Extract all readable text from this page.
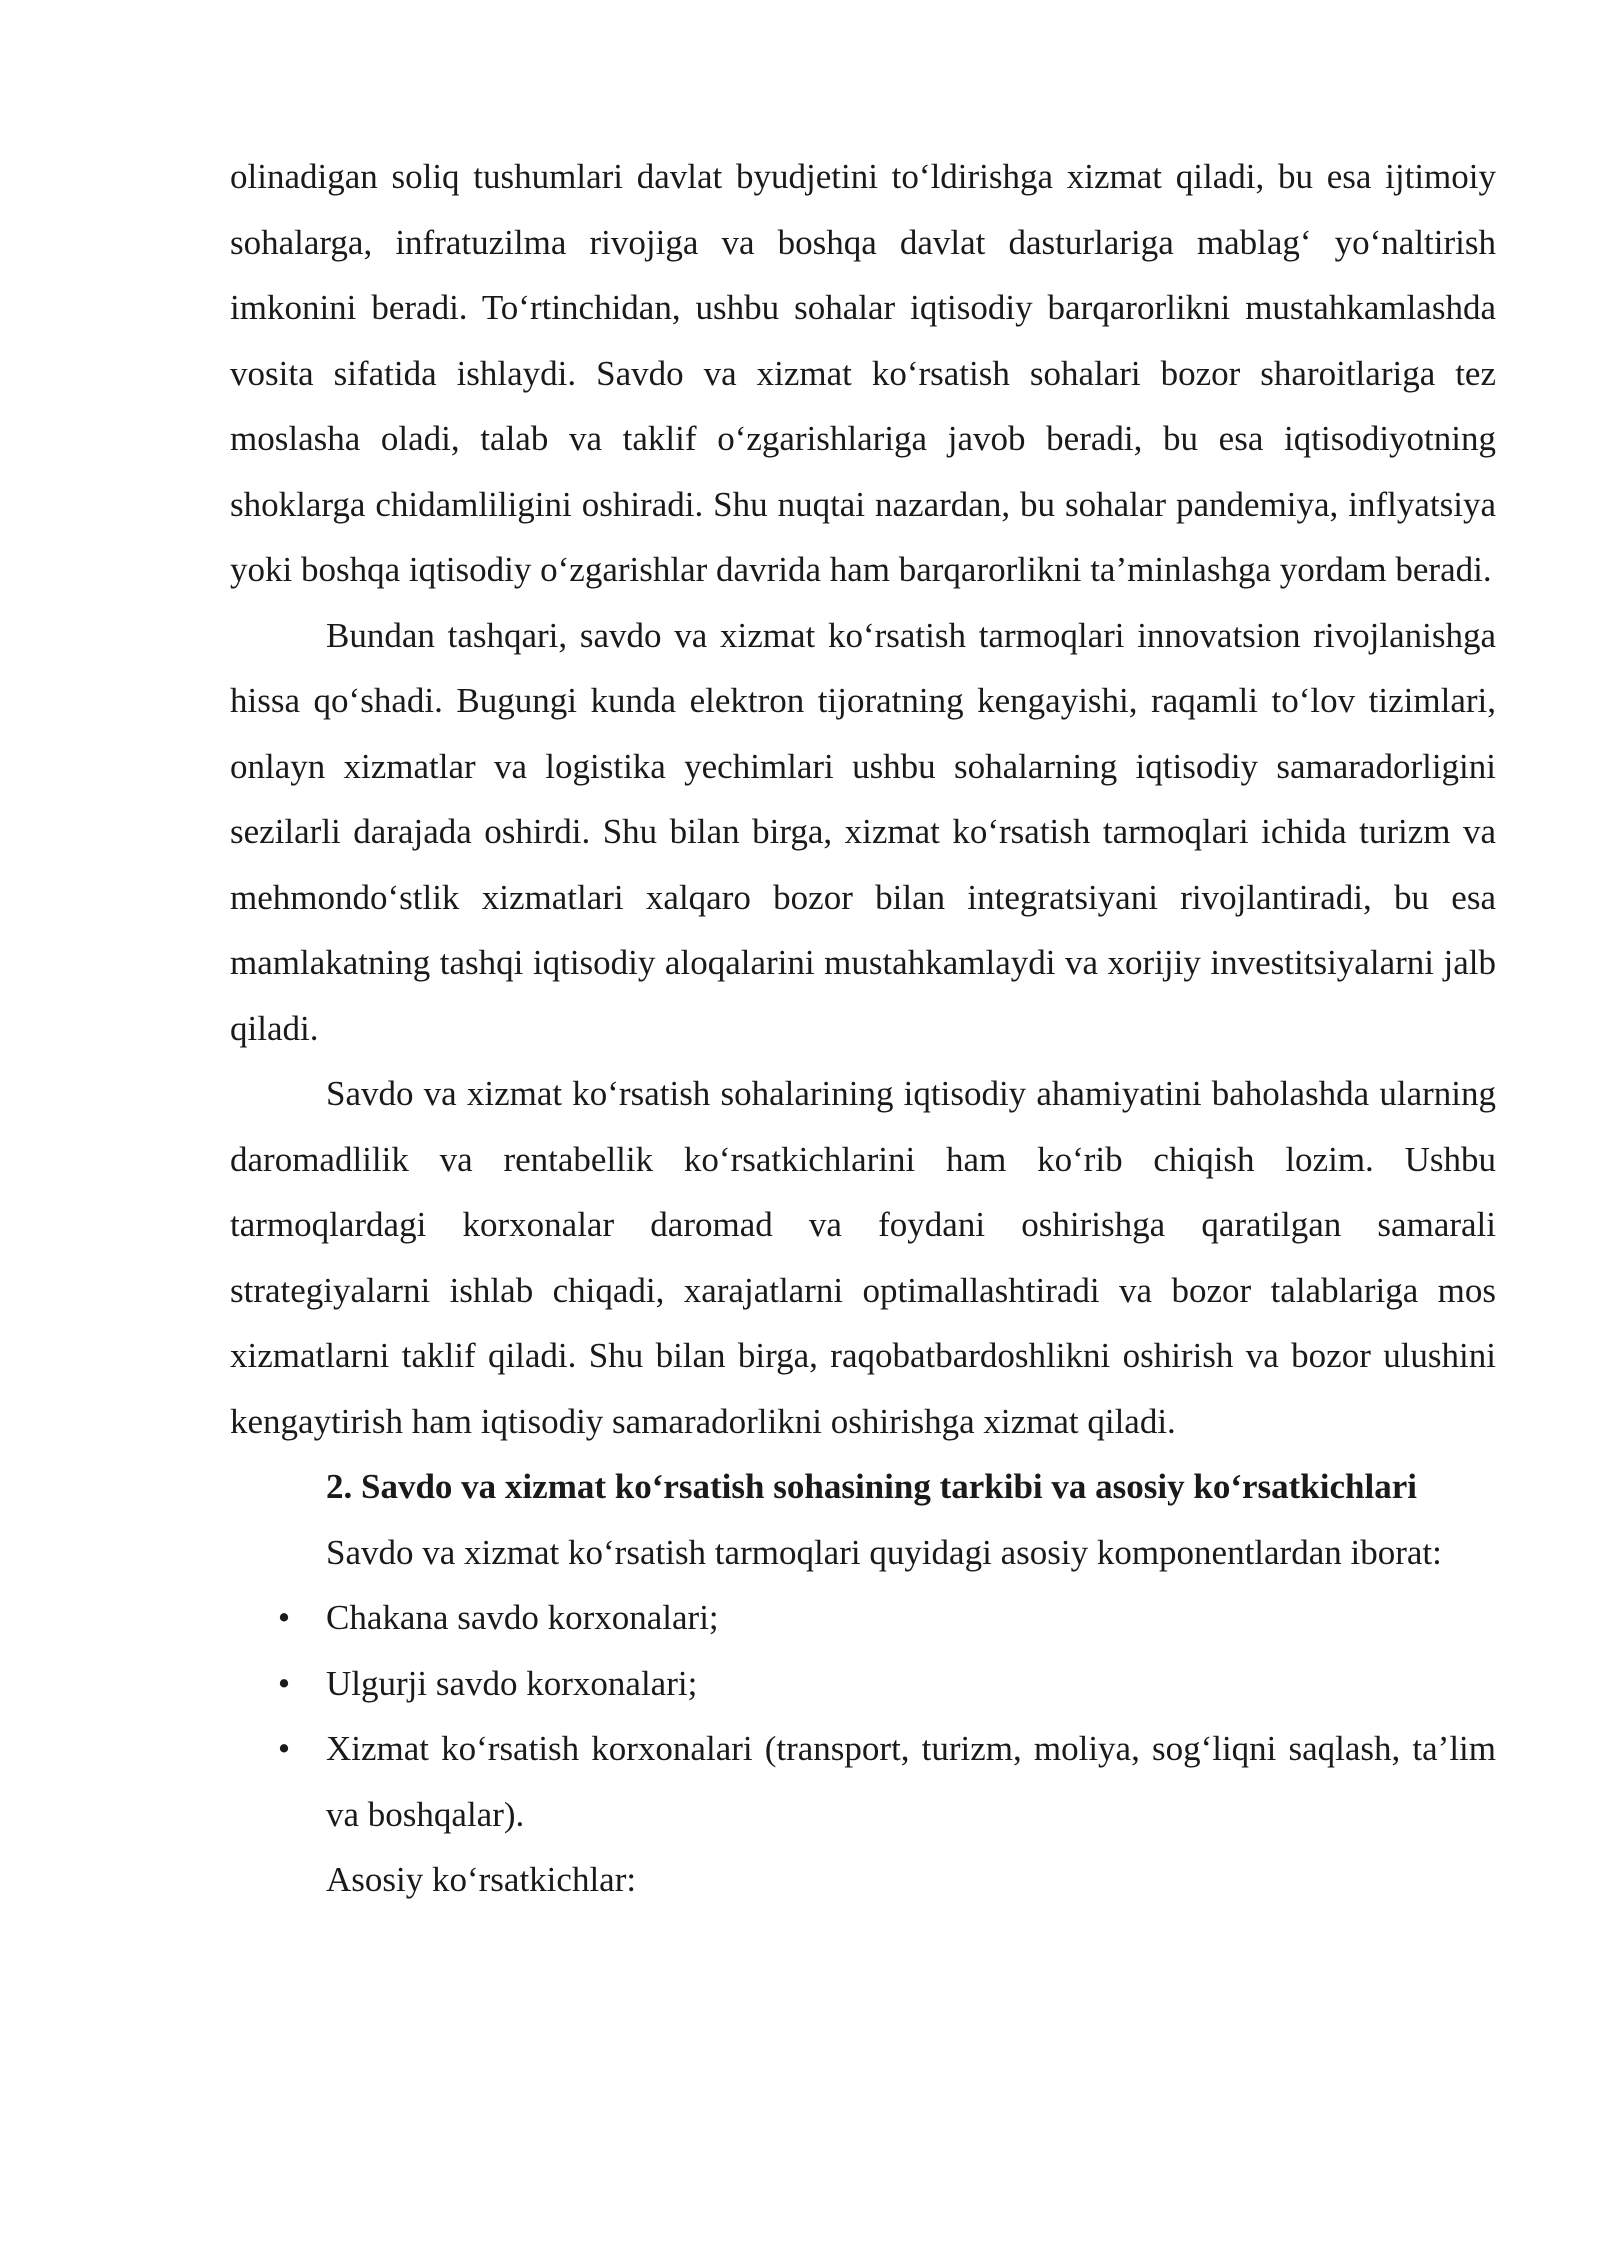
olinadigan soliq tushumlari davlat byudjetini to‘ldirishga xizmat qiladi, bu esa ijtimoiy sohalarga, infratuzilma rivojiga va boshqa davlat dasturlariga mablag‘ yo‘naltirish imkonini beradi. To‘rtinchidan, ushbu sohalar iqtisodiy barqarorlikni mustahkamlashda vosita sifatida ishlaydi. Savdo va xizmat ko‘rsatish sohalari bozor sharoitlariga tez moslasha oladi, talab va taklif o‘zgarishlariga javob beradi, bu esa iqtisodiyotning shoklarga chidamliligini oshiradi. Shu nuqtai nazardan, bu sohalar pandemiya, inflyatsiya yoki boshqa iqtisodiy o‘zgarishlar davrida ham barqarorlikni ta’minlashga yordam beradi.

Bundan tashqari, savdo va xizmat ko‘rsatish tarmoqlari innovatsion rivojlanishga hissa qo‘shadi. Bugungi kunda elektron tijoratning kengayishi, raqamli to‘lov tizimlari, onlayn xizmatlar va logistika yechimlari ushbu sohalarning iqtisodiy samaradorligini sezilarli darajada oshirdi. Shu bilan birga, xizmat ko‘rsatish tarmoqlari ichida turizm va mehmondo‘stlik xizmatlari xalqaro bozor bilan integratsiyani rivojlantiradi, bu esa mamlakatning tashqi iqtisodiy aloqalarini mustahkamlaydi va xorijiy investitsiyalarni jalb qiladi.

Savdo va xizmat ko‘rsatish sohalarining iqtisodiy ahamiyatini baholashda ularning daromadlilik va rentabellik ko‘rsatkichlarini ham ko‘rib chiqish lozim. Ushbu tarmoqlardagi korxonalar daromad va foydani oshirishga qaratilgan samarali strategiyalarni ishlab chiqadi, xarajatlarni optimallashtiradi va bozor talablariga mos xizmatlarni taklif qiladi. Shu bilan birga, raqobatbardoshlikni oshirish va bozor ulushini kengaytirish ham iqtisodiy samaradorlikni oshirishga xizmat qiladi.

2. Savdo va xizmat ko‘rsatish sohasining tarkibi va asosiy ko‘rsatkichlari

Savdo va xizmat ko‘rsatish tarmoqlari quyidagi asosiy komponentlardan iborat:

• Chakana savdo korxonalari;
• Ulgurji savdo korxonalari;
• Xizmat ko‘rsatish korxonalari (transport, turizm, moliya, sog‘liqni saqlash, ta’lim va boshqalar).

Asosiy ko‘rsatkichlar:
